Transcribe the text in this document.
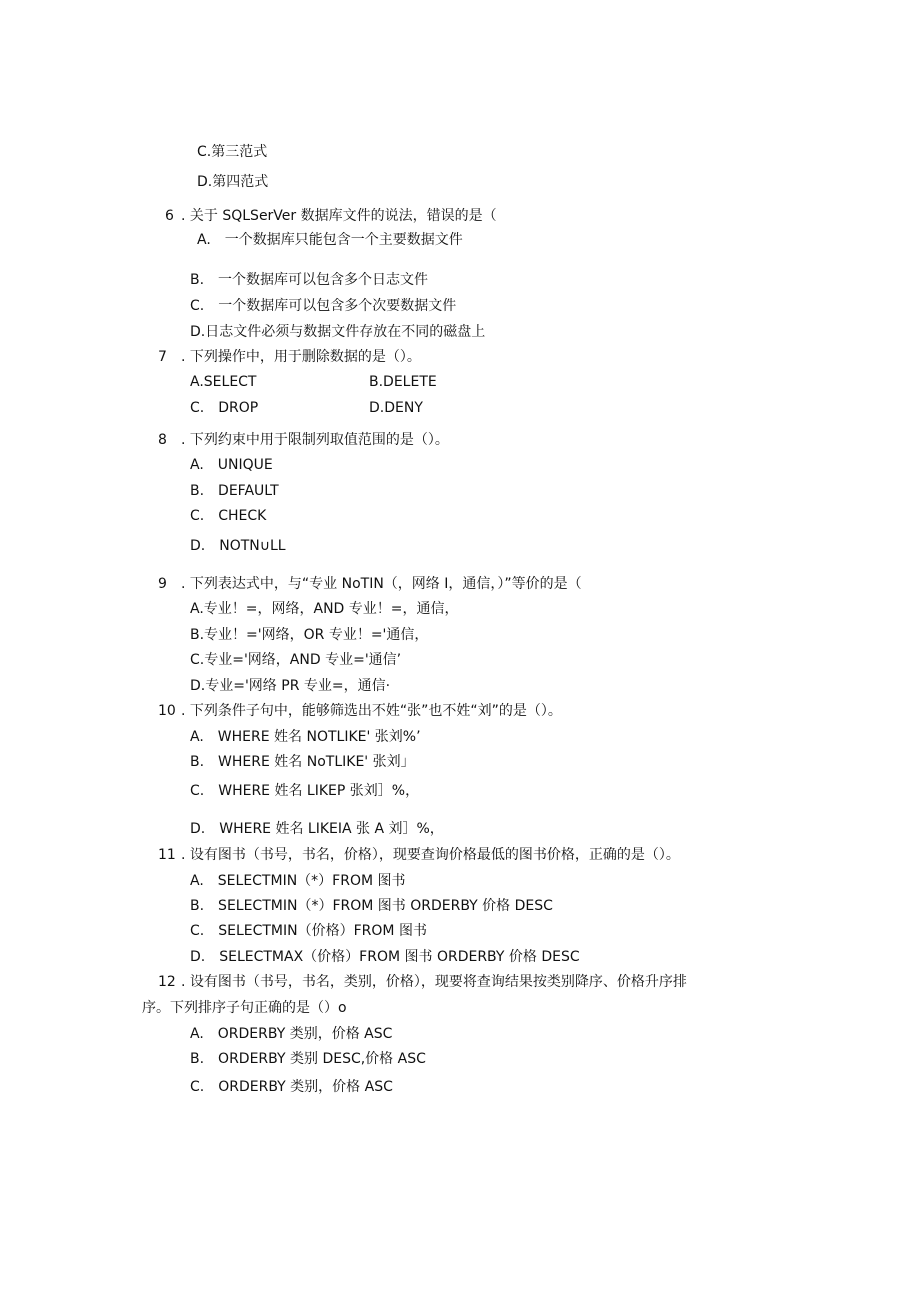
C.第三范式
D.第四范式
6 . 关于 SQLSerVer 数据库文件的说法，错误的是（
A.　一个数据库只能包含一个主要数据文件
B.　一个数据库可以包含多个日志文件
C.　一个数据库可以包含多个次要数据文件
D.日志文件必须与数据文件存放在不同的磁盘上
7 . 下列操作中，用于删除数据的是（）。
A.SELECT	B.DELETE
C.　DROP	D.DENY
8 . 下列约束中用于限制列取值范围的是（）。
A.　UNIQUE
B.　DEFAULT
C.　CHECK
D.　NOTN∪LL
9 . 下列表达式中，与“专业 NoTIN（，网络 I，通信，）”等价的是（
A.专业！=，网络，AND 专业！=，通信，
B.专业！='网络，OR 专业！='通信，
C.专业='网络，AND 专业='通信’
D.专业='网络 PR 专业=，通信·
10 . 下列条件子句中，能够筛选出不姓“张”也不姓“刘”的是（）。
A.　WHERE 姓名 NOTLIKE' 张刘%’
B.　WHERE 姓名 NoTLIKE' 张刘」
C.　WHERE 姓名 LIKEP 张刘］%，
D.　WHERE 姓名 LIKEIA 张 A 刘］%，
11 . 设有图书（书号，书名，价格），现要查询价格最低的图书价格，正确的是（）。
A.　SELECTMIN（*）FROM 图书
B.　SELECTMIN（*）FROM 图书 ORDERBY 价格 DESC
C.　SELECTMIN（价格）FROM 图书
D.　SELECTMAX（价格）FROM 图书 ORDERBY 价格 DESC
12 . 设有图书（书号，书名，类别，价格），现要将查询结果按类别降序、价格升序排
序。下列排序子句正确的是（）o
A.　ORDERBY 类别，价格 ASC
B.　ORDERBY 类别 DESC,价格 ASC
C.　ORDERBY 类别，价格 ASC
